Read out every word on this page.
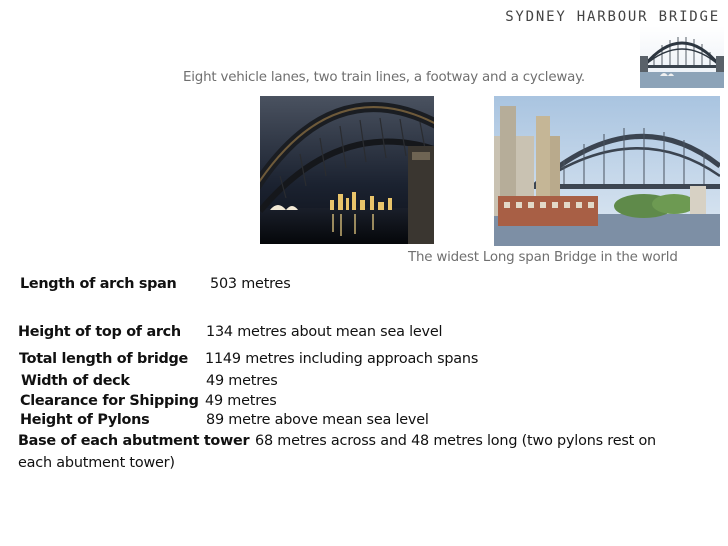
SYDNEY HARBOUR BRIDGE
Eight vehicle lanes, two train lines, a footway and a cycleway.
The widest Long span Bridge in the world
Length of arch span 503 metres
Height of top of arch 134 metres about mean sea level
Total length of bridge 1149 metres including approach spans
Width of deck	49 metres
Clearance for Shipping 49 metres
Height of Pylons	89 metre above mean sea level
Base of each abutment tower 68 metres across and 48 metres long (two pylons rest on
each abutment tower)
